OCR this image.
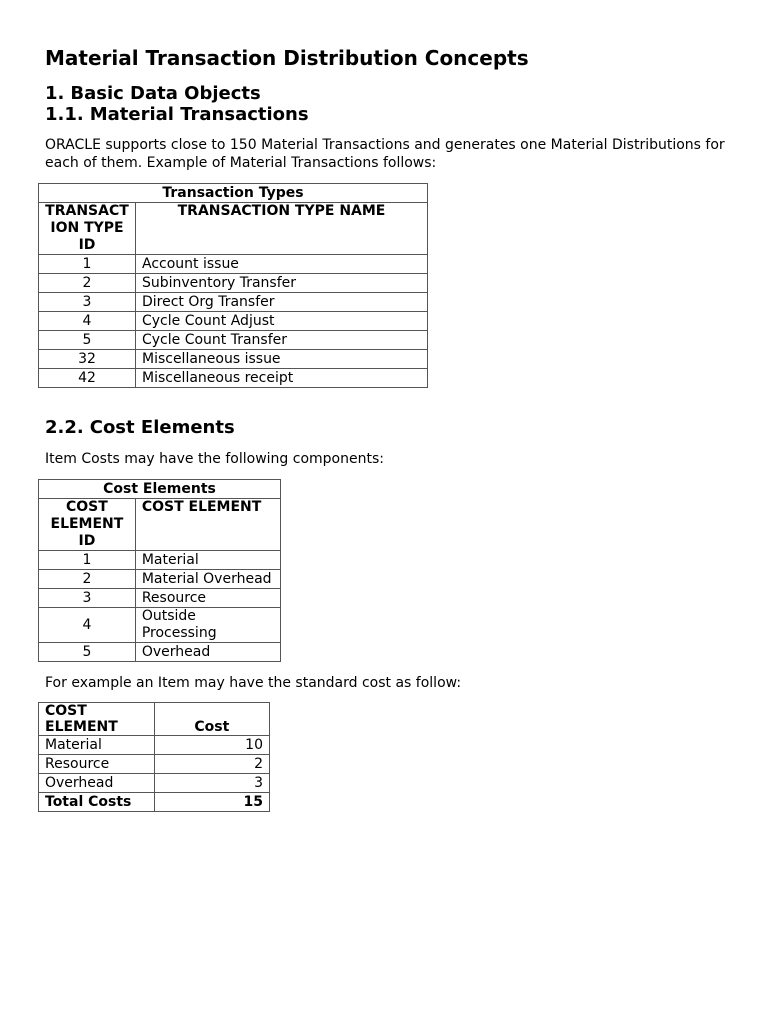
Material Transaction Distribution Concepts
1. Basic Data Objects
1.1. Material Transactions

ORACLE supports close to 150 Material Transactions and generates one Material Distributions for each of them. Example of Material Transactions follows:

Transaction Types	
TRANSACT ION TYPE ID	TRANSACTION TYPE NAME
1	Account issue
2	Subinventory Transfer
3	Direct Org Transfer
4	Cycle Count Adjust
5	Cycle Count Transfer
32	Miscellaneous issue
42	Miscellaneous receipt
2.2. Cost Elements

Item Costs may have the following components:

Cost Elements	
COST ELEMENT ID	COST ELEMENT
1	Material
2	Material Overhead
3	Resource
4	Outside Processing
5	Overhead

For example an Item may have the standard cost as follow:

COST ELEMENT	Cost
Material	10
Resource	2
Overhead	3
Total Costs	15
